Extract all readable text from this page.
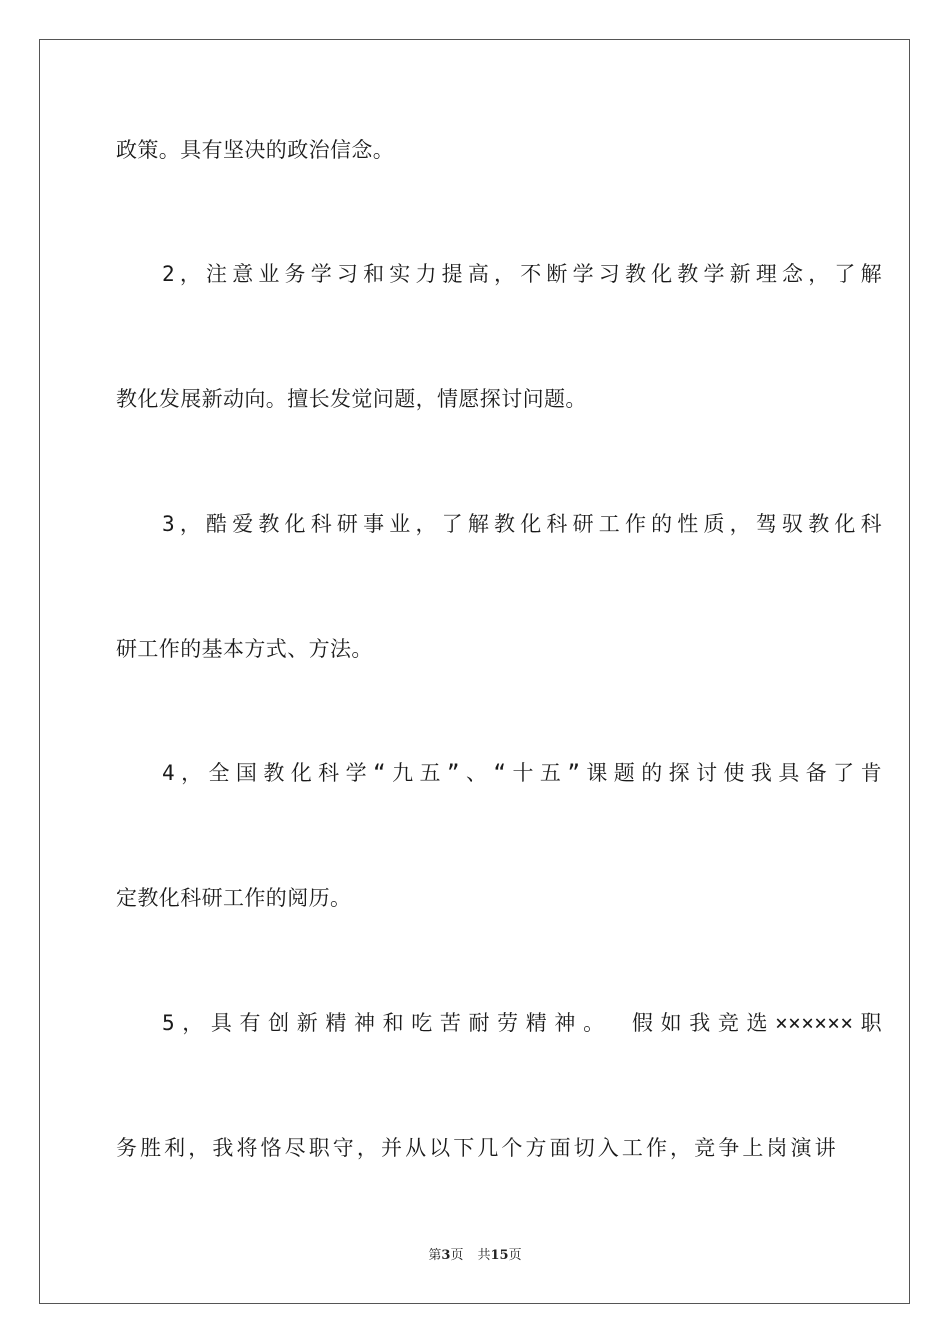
政策。具有坚决的政治信念。
2，注意业务学习和实力提高，不断学习教化教学新理念，了解
教化发展新动向。擅长发觉问题，情愿探讨问题。
3，酷爱教化科研事业，了解教化科研工作的性质，驾驭教化科
研工作的基本方式、方法。
4，全国教化科学“九五”、“十五”课题的探讨使我具备了肯
定教化科研工作的阅历。
5，具有创新精神和吃苦耐劳精神。 假如我竞选××××××职
务胜利，我将恪尽职守，并从以下几个方面切入工作，竞争上岗演讲
第3页 共15页
